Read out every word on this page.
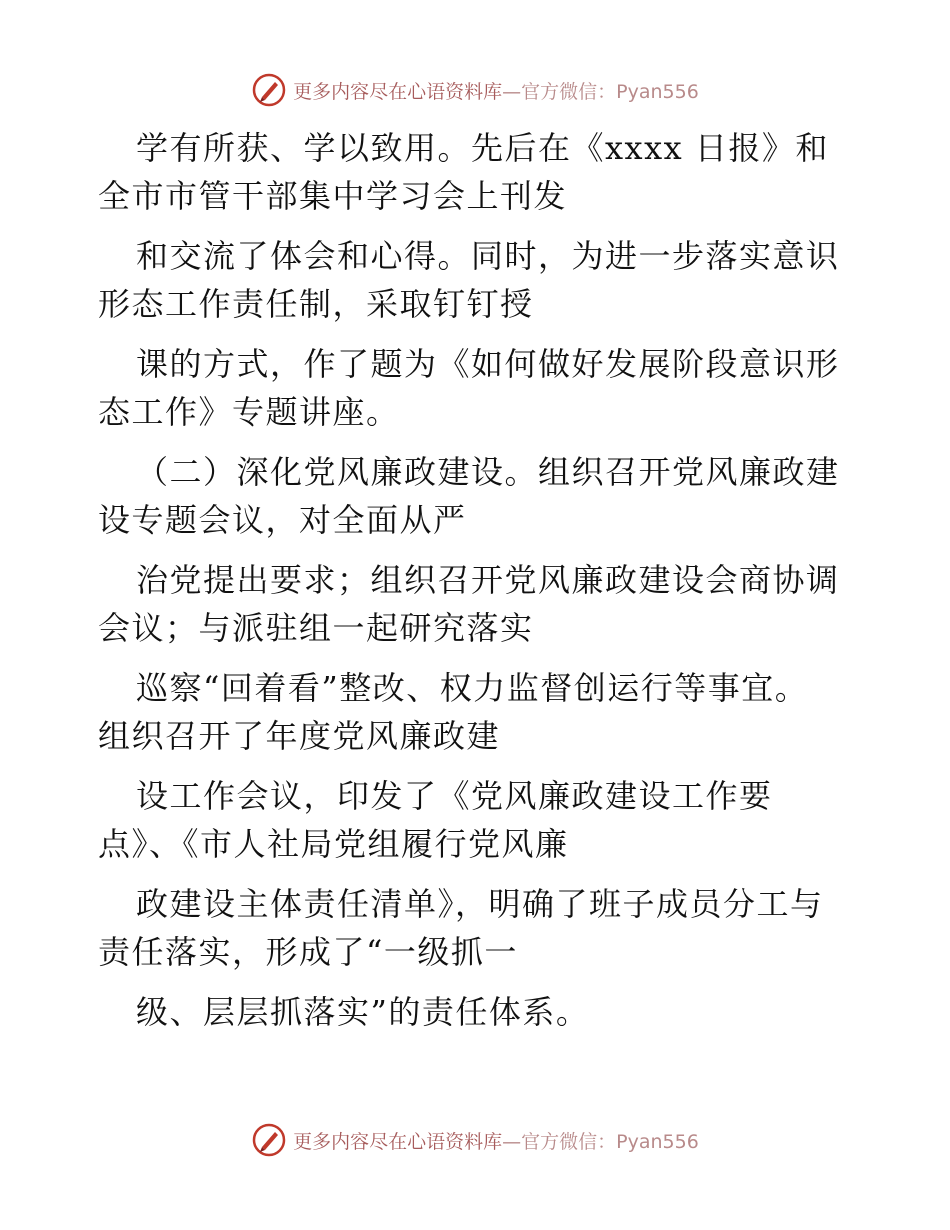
更多内容尽在心语资料库—官方微信：Pyan556
学有所获、学以致用。先后在《xxxx 日报》和
全市市管干部集中学习会上刊发
和交流了体会和心得。同时，为进一步落实意识
形态工作责任制，采取钉钉授
课的方式，作了题为《如何做好发展阶段意识形
态工作》专题讲座。
（二）深化党风廉政建设。组织召开党风廉政建
设专题会议，对全面从严
治党提出要求；组织召开党风廉政建设会商协调
会议；与派驻组一起研究落实
巡察“回着看”整改、权力监督创运行等事宜。
组织召开了年度党风廉政建
设工作会议，印发了《党风廉政建设工作要
点》、《市人社局党组履行党风廉
政建设主体责任清单》，明确了班子成员分工与
责任落实，形成了“一级抓一
级、层层抓落实”的责任体系。
更多内容尽在心语资料库—官方微信：Pyan556
